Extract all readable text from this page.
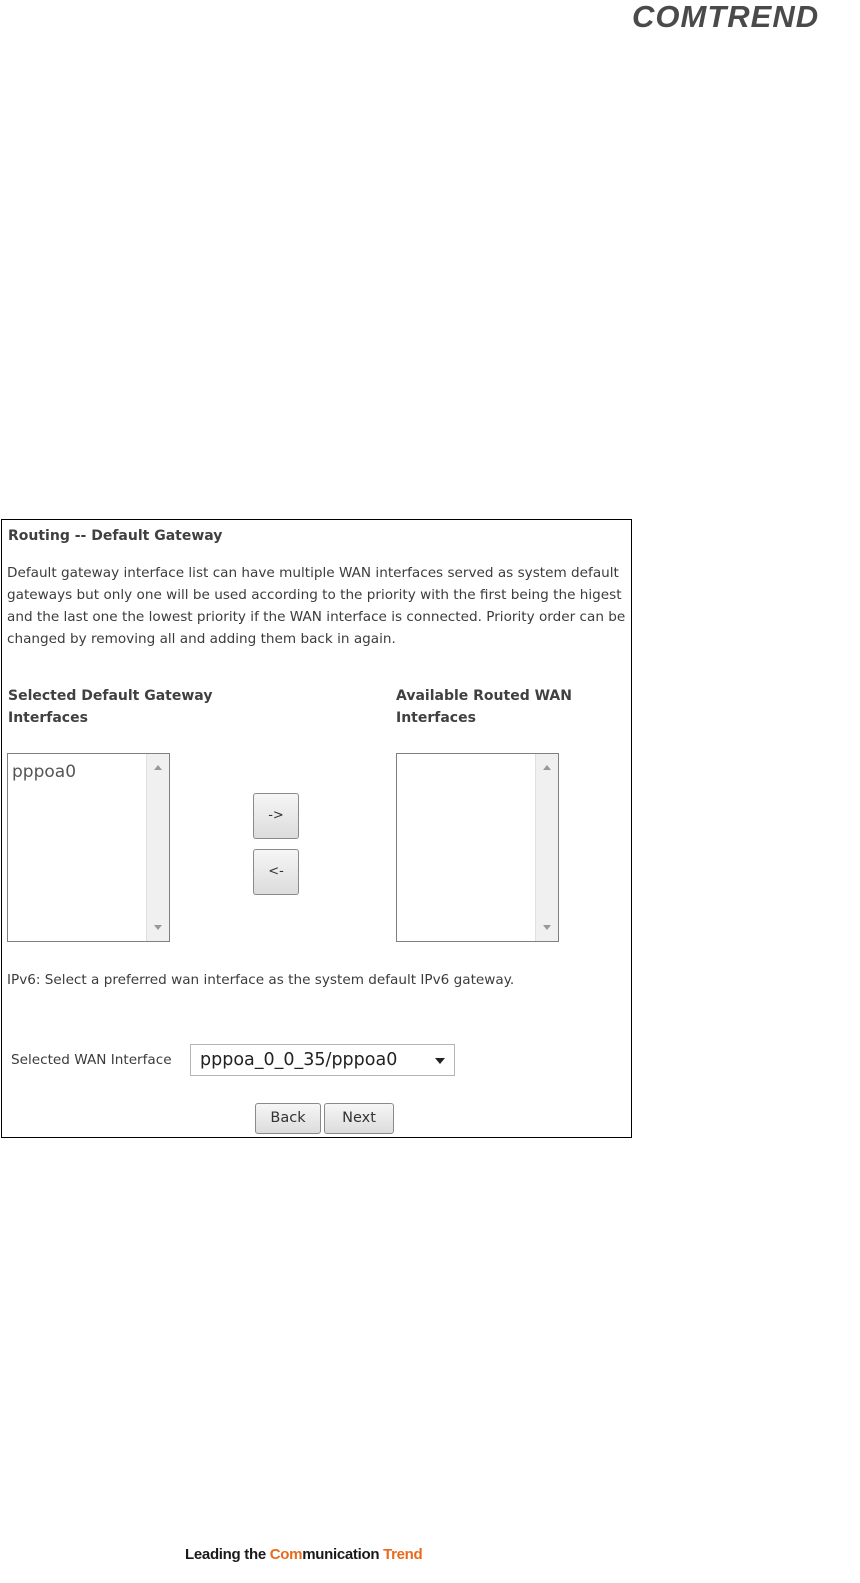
COMTREND
Routing -- Default Gateway
Default gateway interface list can have multiple WAN interfaces served as system default gateways but only one will be used according to the priority with the first being the higest and the last one the lowest priority if the WAN interface is connected. Priority order can be changed by removing all and adding them back in again.
Selected Default Gateway
Interfaces
Available Routed WAN
Interfaces
pppoa0
->
<-
IPv6: Select a preferred wan interface as the system default IPv6 gateway.
Selected WAN Interface pppoa_0_0_35/pppoa0
Back	Next
Leading the Communication Trend
